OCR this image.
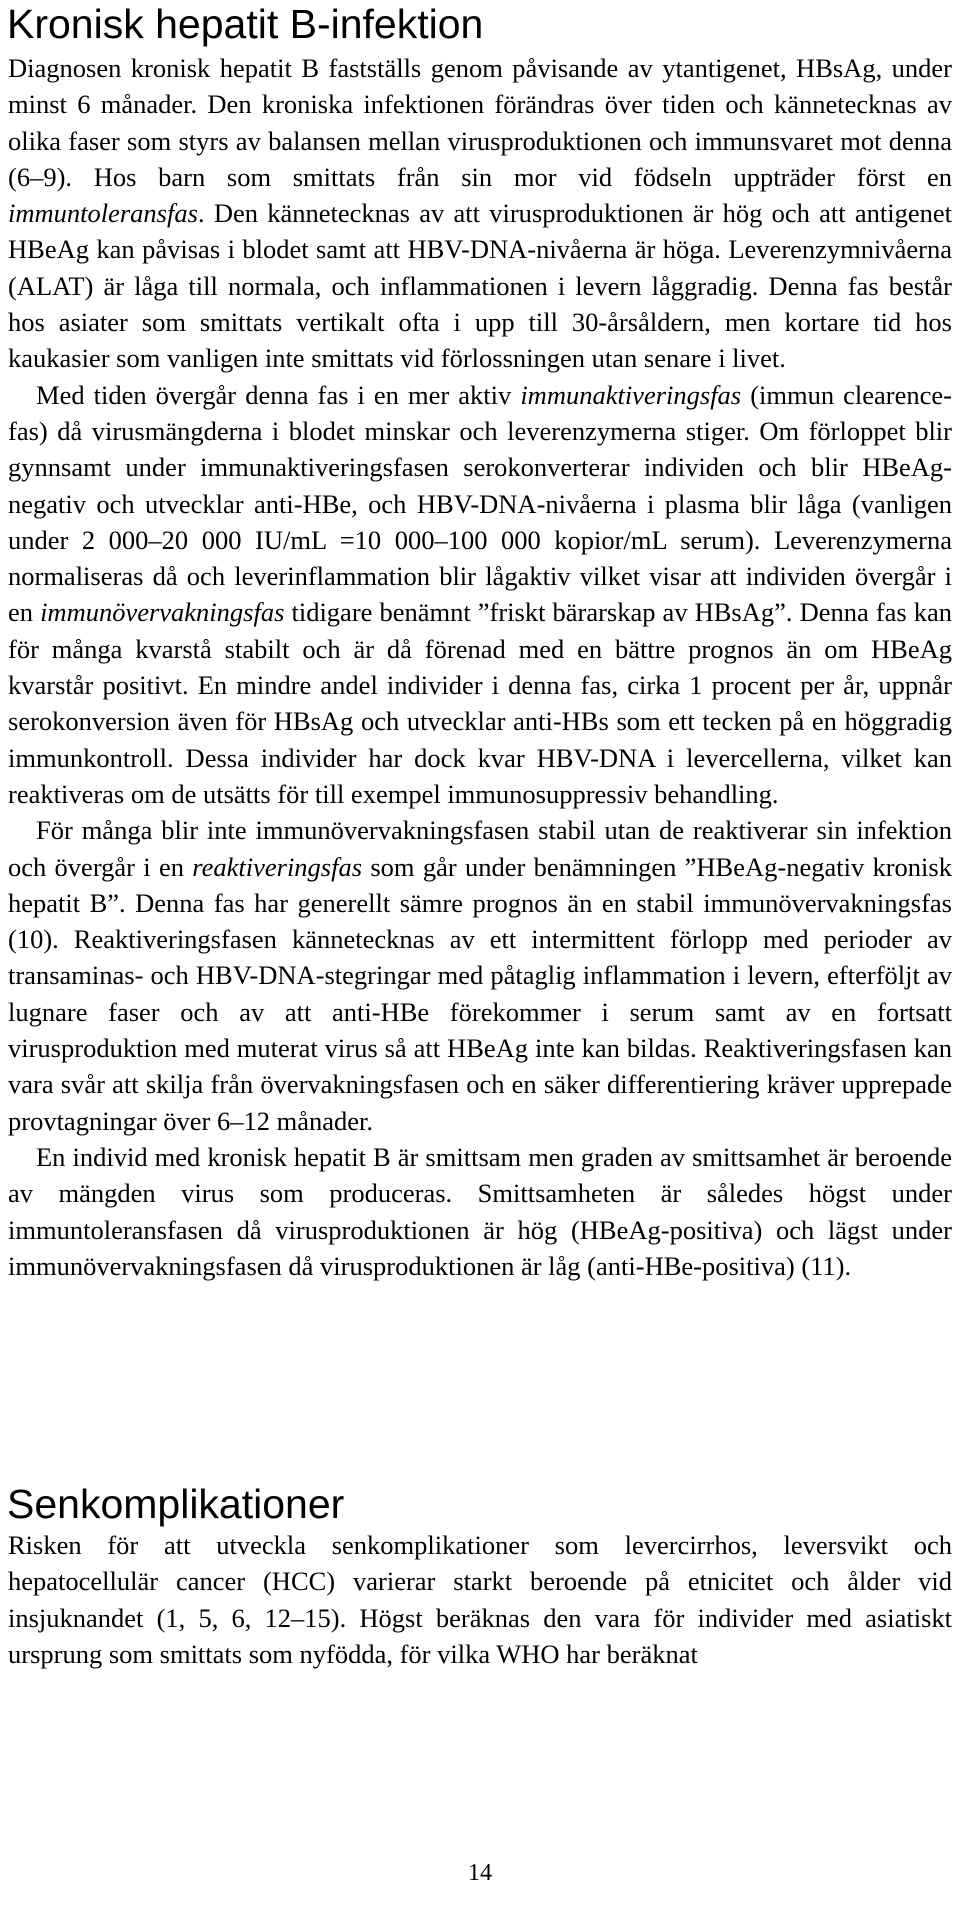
Kronisk hepatit B-infektion

Diagnosen kronisk hepatit B fastställs genom påvisande av ytantigenet, HBsAg, under minst 6 månader. Den kroniska infektionen förändras över tiden och kännetecknas av olika faser som styrs av balansen mellan virusproduktionen och immunsvaret mot denna (6–9). Hos barn som smittats från sin mor vid födseln uppträder först en immuntoleransfas. Den kännetecknas av att virusproduktionen är hög och att antigenet HBeAg kan påvisas i blodet samt att HBV-DNA-nivåerna är höga. Leverenzymnivåerna (ALAT) är låga till normala, och inflammationen i levern låggradig. Denna fas består hos asiater som smittats vertikalt ofta i upp till 30-årsåldern, men kortare tid hos kaukasier som vanligen inte smittats vid förlossningen utan senare i livet.

Med tiden övergår denna fas i en mer aktiv immunaktiveringsfas (immun clearence-fas) då virusmängderna i blodet minskar och leverenzymerna stiger. Om förloppet blir gynnsamt under immunaktiveringsfasen serokonverterar individen och blir HBeAg-negativ och utvecklar anti-HBe, och HBV-DNA-nivåerna i plasma blir låga (vanligen under 2 000–20 000 IU/mL =10 000–100 000 kopior/mL serum). Leverenzymerna normaliseras då och leverinflammation blir lågaktiv vilket visar att individen övergår i en immunövervakningsfas tidigare benämnt ”friskt bärarskap av HBsAg”. Denna fas kan för många kvarstå stabilt och är då förenad med en bättre prognos än om HBeAg kvarstår positivt. En mindre andel individer i denna fas, cirka 1 procent per år, uppnår serokonversion även för HBsAg och utvecklar anti-HBs som ett tecken på en höggradig immunkontroll. Dessa individer har dock kvar HBV-DNA i levercellerna, vilket kan reaktiveras om de utsätts för till exempel immunosuppressiv behandling.

För många blir inte immunövervakningsfasen stabil utan de reaktiverar sin infektion och övergår i en reaktiveringsfas som går under benämningen ”HBeAg-negativ kronisk hepatit B”. Denna fas har generellt sämre prognos än en stabil immunövervakningsfas (10). Reaktiveringsfasen kännetecknas av ett intermittent förlopp med perioder av transaminas- och HBV-DNA-stegringar med påtaglig inflammation i levern, efterföljt av lugnare faser och av att anti-HBe förekommer i serum samt av en fortsatt virusproduktion med muterat virus så att HBeAg inte kan bildas. Reaktiveringsfasen kan vara svår att skilja från övervakningsfasen och en säker differentiering kräver upprepade provtagningar över 6–12 månader.

En individ med kronisk hepatit B är smittsam men graden av smittsamhet är beroende av mängden virus som produceras. Smittsamheten är således högst under immuntoleransfasen då virusproduktionen är hög (HBeAg-positiva) och lägst under immunövervakningsfasen då virusproduktionen är låg (anti-HBe-positiva) (11).

Senkomplikationer

Risken för att utveckla senkomplikationer som levercirrhos, leversvikt och hepatocellulär cancer (HCC) varierar starkt beroende på etnicitet och ålder vid insjuknandet (1, 5, 6, 12–15). Högst beräknas den vara för individer med asiatiskt ursprung som smittats som nyfödda, för vilka WHO har beräknat

14
